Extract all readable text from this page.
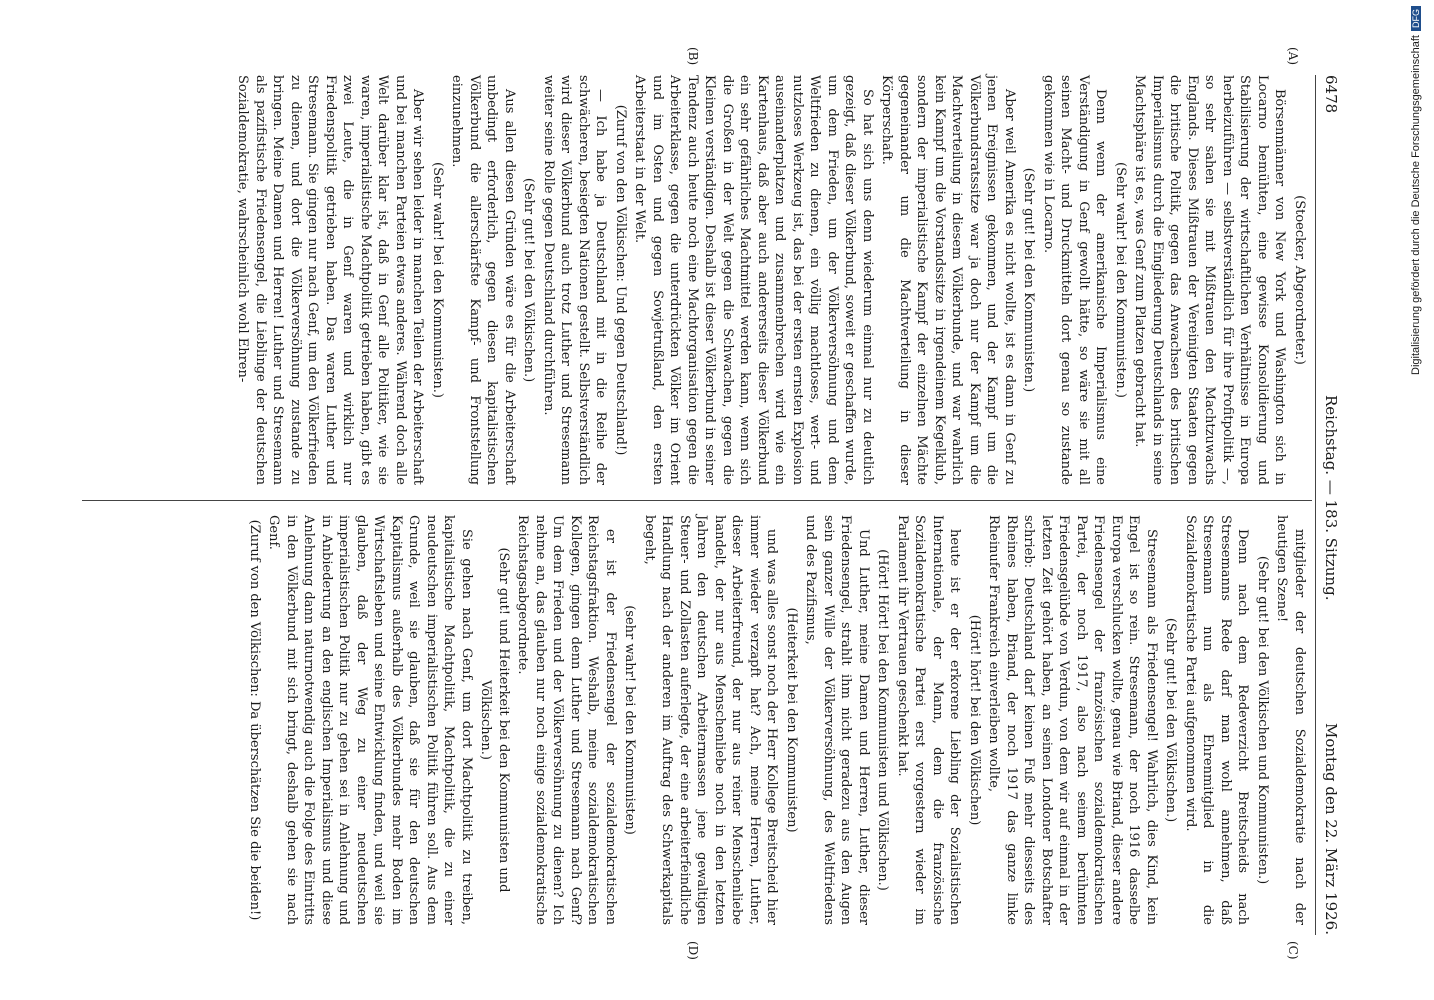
6478
Reichstag. — 183. Sitzung.
Montag den 22. März 1926.
(A)
(B)
(C)
(D)

(Stoecker, Abgeordneter.)

Börsenmänner von New York und Washington sich in Locarno bemühten, eine gewisse Konsolidierung und Stabilisierung der wirtschaftlichen Verhältnisse in Europa herbeizuführen — selbstverständlich für ihre Profitpolitik —, so sehr sahen sie mit Mißtrauen den Machtzuwachs Englands. Dieses Mißtrauen der Vereinigten Staaten gegen die britische Politik, gegen das Anwachsen des britischen Imperialismus durch die Eingliederung Deutschlands in seine Machtsphäre ist es, was Genf zum Platzen gebracht hat.

(Sehr wahr! bei den Kommunisten.)

Denn wenn der amerikanische Imperialismus eine Verständigung in Genf gewollt hätte, so wäre sie mit all seinen Macht- und Druckmitteln dort genau so zustande gekommen wie in Locarno.

(Sehr gut! bei den Kommunisten.)

Aber weil Amerika es nicht wollte, ist es dann in Genf zu jenen Ereignissen gekommen, und der Kampf um die Völkerbundsratssitze war ja doch nur der Kampf um die Machtverteilung in diesem Völkerbunde, und war wahrlich kein Kampf um die Vorstandssitze in irgendeinem Kegelklub, sondern der imperialistische Kampf der einzelnen Mächte gegeneinander um die Machtverteilung in dieser Körperschaft.

So hat sich uns denn wiederum einmal nur zu deutlich gezeigt, daß dieser Völkerbund, soweit er geschaffen wurde, um dem Frieden, um der Völkerversöhnung und dem Weltfrieden zu dienen, ein völlig machtloses, wert- und nutzloses Werkzeug ist, das bei der ersten ernsten Explosion auseinanderplatzen und zusammenbrechen wird wie ein Kartenhaus, daß aber auch andererseits dieser Völkerbund ein sehr gefährliches Machtmittel werden kann, wenn sich die Großen in der Welt gegen die Schwachen, gegen die Kleinen verständigen. Deshalb ist dieser Völkerbund in seiner Tendenz auch heute noch eine Machtorganisation gegen die Arbeiterklasse, gegen die unterdrückten Völker im Orient und im Osten und gegen Sowjetrußland, den ersten Arbeiterstaat in der Welt.

(Zuruf von den Völkischen: Und gegen Deutschland!)

— Ich habe ja Deutschland mit in die Reihe der schwächeren, besiegten Nationen gestellt. Selbstverständlich wird dieser Völkerbund auch trotz Luther und Stresemann weiter seine Rolle gegen Deutschland durchführen.

(Sehr gut! bei den Völkischen.)

Aus allen diesen Gründen wäre es für die Arbeiterschaft unbedingt erforderlich, gegen diesen kapitalistischen Völkerbund die allerschärfste Kampf- und Frontstellung einzunehmen.

(Sehr wahr! bei den Kommunisten.)

Aber wir sehen leider in manchen Teilen der Arbeiterschaft und bei manchen Parteien etwas anderes. Während doch alle Welt darüber klar ist, daß in Genf alle Politiker, wie sie waren, imperialistische Machtpolitik getrieben haben, gibt es zwei Leute, die in Genf waren und wirklich nur Friedenspolitik getrieben haben. Das waren Luther und Stresemann. Sie gingen nur nach Genf, um den Völkerfrieden zu dienen, und dort die Völkerversöhnung zustande zu bringen. Meine Damen und Herren! Luther und Stresemann als pazifistische Friedensengel, die Lieblinge der deutschen Sozialdemokratie, wahrscheinlich wohl Ehren-

mitglieder der deutschen Sozialdemokratie nach der heutigen Szene!

(Sehr gut! bei den Völkischen und Kommunisten.)

Denn nach dem Redeverzicht Breitscheids nach Stresemanns Rede darf man wohl annehmen, daß Stresemann nun als Ehrenmitglied in die Sozialdemokratische Partei aufgenommen wird.

(Sehr gut! bei den Völkischen.)

Stresemann als Friedensengel! Wahrlich, dies Kind, kein Engel ist so rein. Stresemann, der noch 1916 dasselbe Europa verschlucken wollte, genau wie Briand, dieser andere Friedensengel der französischen sozialdemokratischen Partei, der noch 1917, also nach seinem berühmten Friedensgelübde von Verdun, von dem wir auf einmal in der letzten Zeit gehört haben, an seinen Londoner Botschafter schrieb: Deutschland darf keinen Fuß mehr diesseits des Rheines haben, Briand, der noch 1917 das ganze linke Rheinufer Frankreich einverleiben wollte,

(Hört! hört! bei den Völkischen)

heute ist er der erkorene Liebling der Sozialistischen Internationale, der Mann, dem die französische Sozialdemokratische Partei erst vorgestern wieder im Parlament ihr Vertrauen geschenkt hat.

(Hört! Hört! bei den Kommunisten und Völkischen.)

Und Luther, meine Damen und Herren, Luther, dieser Friedensengel, strahlt ihm nicht geradezu aus den Augen sein ganzer Wille der Völkerversöhnung, des Weltfriedens und des Pazifismus,

(Heiterkeit bei den Kommunisten)

und was alles sonst noch der Herr Kollege Breitscheid hier immer wieder verzapft hat? Ach, meine Herren, Luther, dieser Arbeiterfreund, der nur aus reiner Menschenliebe handelt, der nur aus Menschenliebe noch in den letzten Jahren den deutschen Arbeitermassen jene gewaltigen Steuer- und Zollasten auferlegte, der eine arbeiterfeindliche Handlung nach der anderen im Auftrag des Schwerkapitals begeht,

(sehr wahr! bei den Kommunisten)

er ist der Friedensengel der sozialdemokratischen Reichstagsfraktion. Weshalb, meine sozialdemokratischen Kollegen, gingen denn Luther und Stresemann nach Genf? Um dem Frieden und der Völkerversöhnung zu dienen? Ich nehme an, das glauben nur noch einige sozialdemokratische Reichstagsabgeordnete.

(Sehr gut! und Heiterkeit bei den Kommunisten und Völkischen.)

Sie gehen nach Genf, um dort Machtpolitik zu treiben, kapitalistische Machtpolitik, Machtpolitik, die zu einer neudeutschen imperialistischen Politik führen soll. Aus dem Grunde, weil sie glauben, daß sie für den deutschen Kapitalismus außerhalb des Völkerbundes mehr Boden im Wirtschaftsleben und seine Entwicklung finden, und weil sie glauben, daß der Weg zu einer neudeutschen imperialistischen Politik nur zu gehen sei in Anlehnung und in Anbiederung an den englischen Imperialismus und diese Anlehnung dann naturnotwendig auch die Folge des Eintritts in den Völkerbund mit sich bringt, deshalb gehen sie nach Genf.

(Zuruf von den Völkischen: Da überschätzen Sie die beiden!)

Digitalisierung gefördert durch die Deutsche ForschungsgemeinschaftDFG
